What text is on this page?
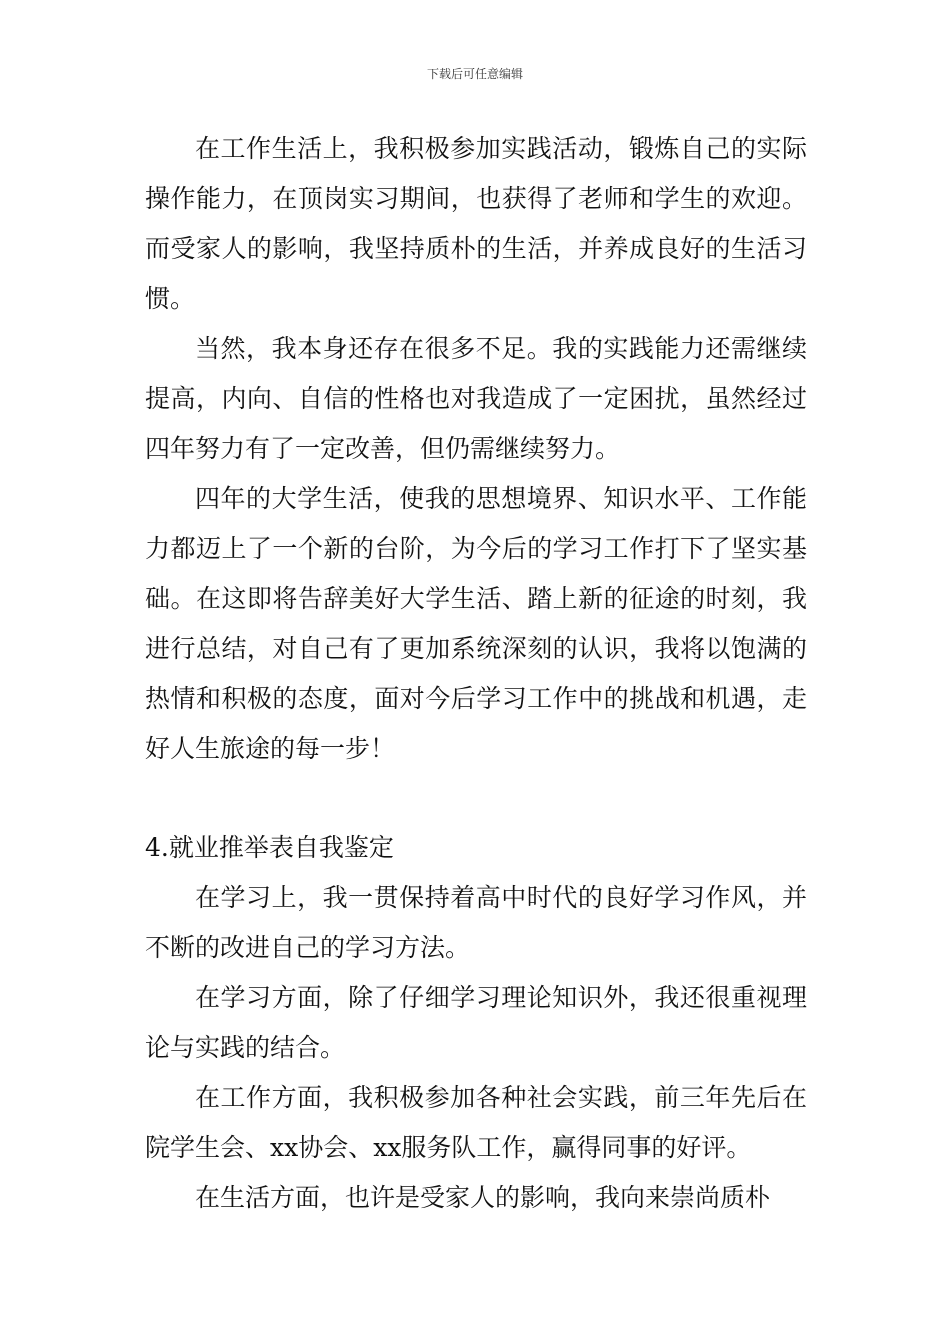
下载后可任意编辑

在工作生活上，我积极参加实践活动，锻炼自己的实际操作能力，在顶岗实习期间，也获得了老师和学生的欢迎。而受家人的影响，我坚持质朴的生活，并养成良好的生活习惯。

当然，我本身还存在很多不足。我的实践能力还需继续提高，内向、自信的性格也对我造成了一定困扰，虽然经过四年努力有了一定改善，但仍需继续努力。

四年的大学生活，使我的思想境界、知识水平、工作能力都迈上了一个新的台阶，为今后的学习工作打下了坚实基础。在这即将告辞美好大学生活、踏上新的征途的时刻，我进行总结，对自己有了更加系统深刻的认识，我将以饱满的热情和积极的态度，面对今后学习工作中的挑战和机遇，走好人生旅途的每一步！

4.就业推举表自我鉴定

在学习上，我一贯保持着高中时代的良好学习作风，并不断的改进自己的学习方法。

在学习方面，除了仔细学习理论知识外，我还很重视理论与实践的结合。

在工作方面，我积极参加各种社会实践，前三年先后在院学生会、xx协会、xx服务队工作，赢得同事的好评。

在生活方面，也许是受家人的影响，我向来崇尚质朴
